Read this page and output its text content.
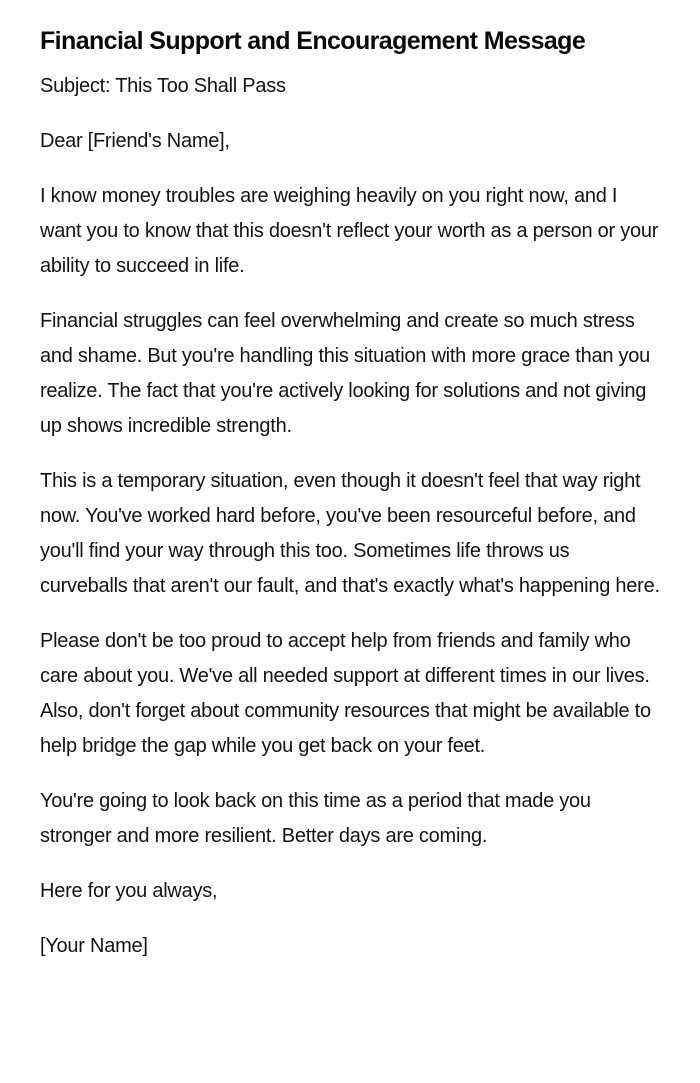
Financial Support and Encouragement Message

Subject: This Too Shall Pass

Dear [Friend's Name],

I know money troubles are weighing heavily on you right now, and I want you to know that this doesn't reflect your worth as a person or your ability to succeed in life.

Financial struggles can feel overwhelming and create so much stress and shame. But you're handling this situation with more grace than you realize. The fact that you're actively looking for solutions and not giving up shows incredible strength.

This is a temporary situation, even though it doesn't feel that way right now. You've worked hard before, you've been resourceful before, and you'll find your way through this too. Sometimes life throws us curveballs that aren't our fault, and that's exactly what's happening here.

Please don't be too proud to accept help from friends and family who care about you. We've all needed support at different times in our lives. Also, don't forget about community resources that might be available to help bridge the gap while you get back on your feet.

You're going to look back on this time as a period that made you stronger and more resilient. Better days are coming.

Here for you always,

[Your Name]
